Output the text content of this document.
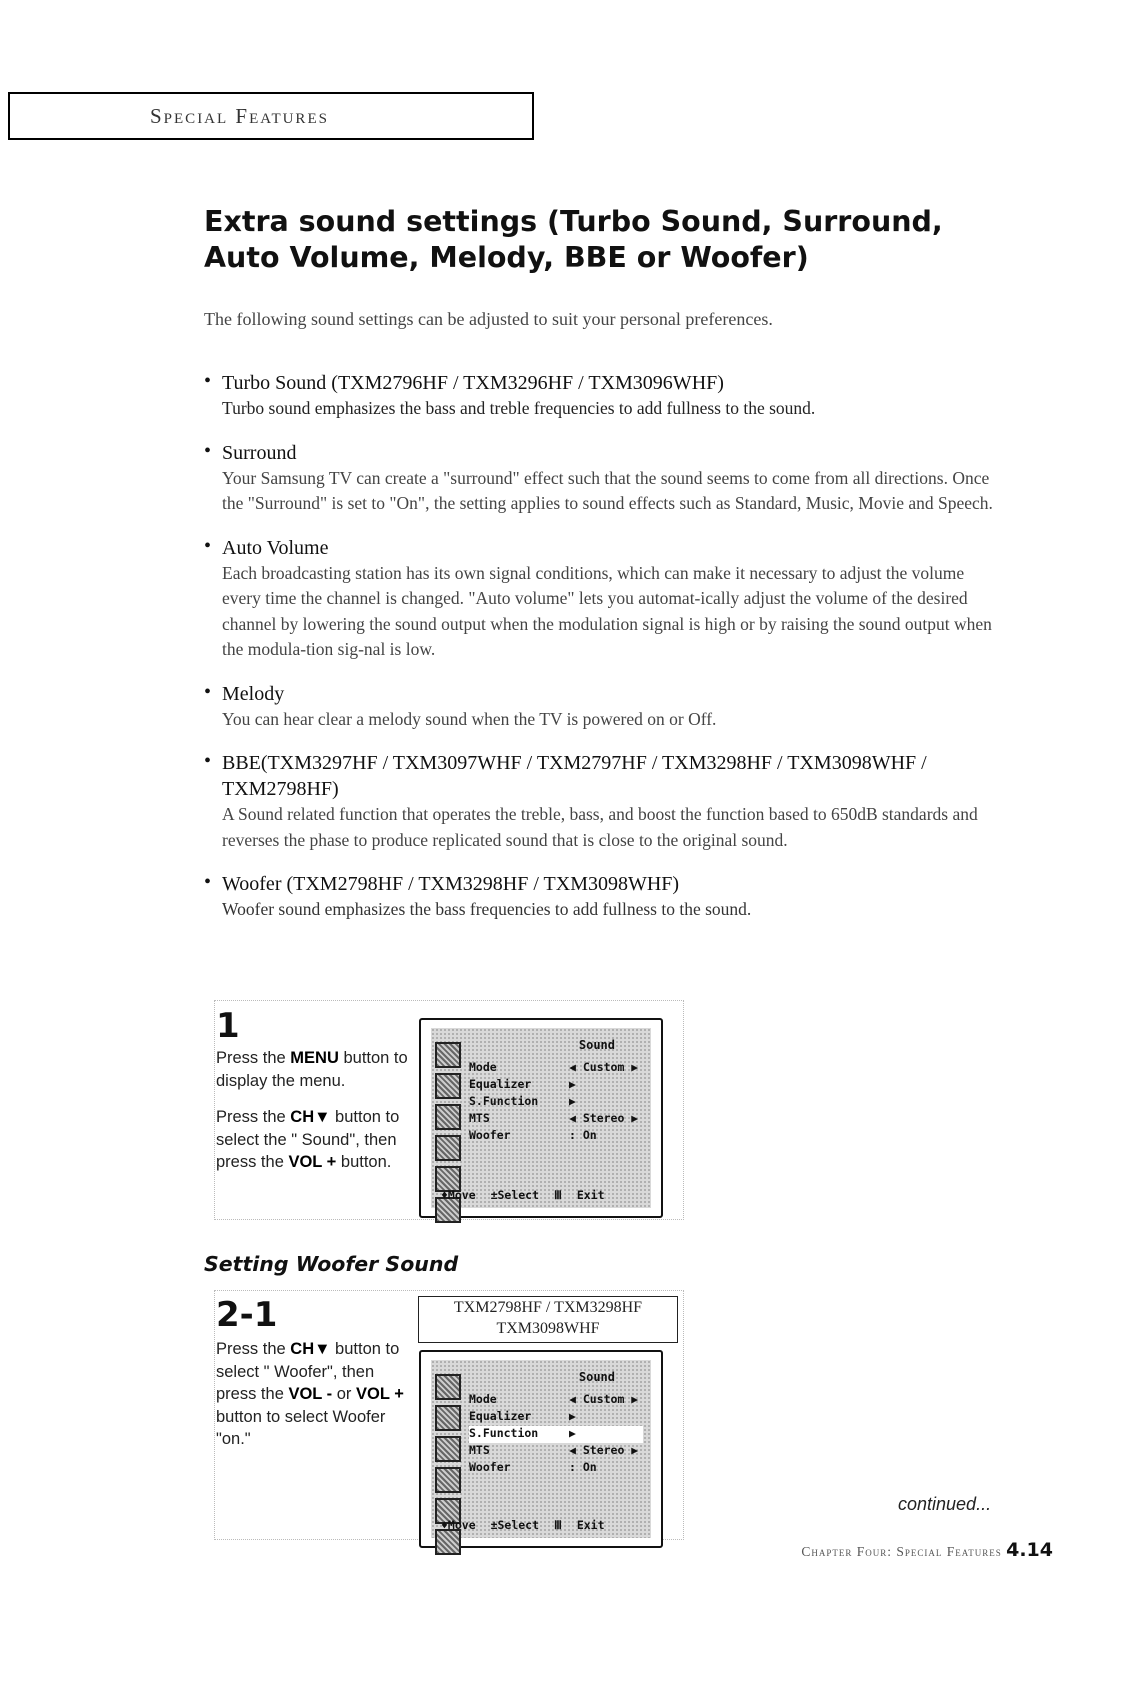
Special Features
Extra sound settings (Turbo Sound, Surround, Auto Volume, Melody, BBE or Woofer)
The following sound settings can be adjusted to suit your personal preferences.
• Turbo Sound (TXM2796HF / TXM3296HF / TXM3096WHF)
Turbo sound emphasizes the bass and treble frequencies to add fullness to the sound.
• Surround
Your Samsung TV can create a "surround" effect such that the sound seems to come from all directions. Once the "Surround" is set to "On", the setting applies to sound effects such as Standard, Music, Movie and Speech.
• Auto Volume
Each broadcasting station has its own signal conditions, which can make it necessary to adjust the volume every time the channel is changed. "Auto volume" lets you automat-ically adjust the volume of the desired channel by lowering the sound output when the modulation signal is high or by raising the sound output when the modula-tion sig-nal is low.
• Melody
You can hear clear a melody sound when the TV is powered on or Off.
• BBE(TXM3297HF / TXM3097WHF / TXM2797HF / TXM3298HF / TXM3098WHF / TXM2798HF)
A Sound related function that operates the treble, bass, and boost the function based to 650dB standards and reverses the phase to produce replicated sound that is close to the original sound.
• Woofer (TXM2798HF / TXM3298HF / TXM3098WHF)
Woofer sound emphasizes the bass frequencies to add fullness to the sound.
1
Press the MENU button to
display the menu.
Press the CH▼ button to
select the " Sound", then
press the VOL + button.
Sound
Mode	◀ Custom ▶
Equalizer	▶
S.Function	▶
MTS	◀ Stereo ▶
Woofer	: On
♦Move ±Select Ⅲ Exit
Setting Woofer Sound
2-1
Press the CH▼ button to
select " Woofer", then
press the VOL - or VOL +
button to select Woofer
"on."
TXM2798HF / TXM3298HF
TXM3098WHF
Sound
Mode	◀ Custom ▶
Equalizer	▶
S.Function	▶
MTS	◀ Stereo ▶
Woofer	: On
♦Move ±Select Ⅲ Exit
continued...
Chapter Four: Special Features 4.14
